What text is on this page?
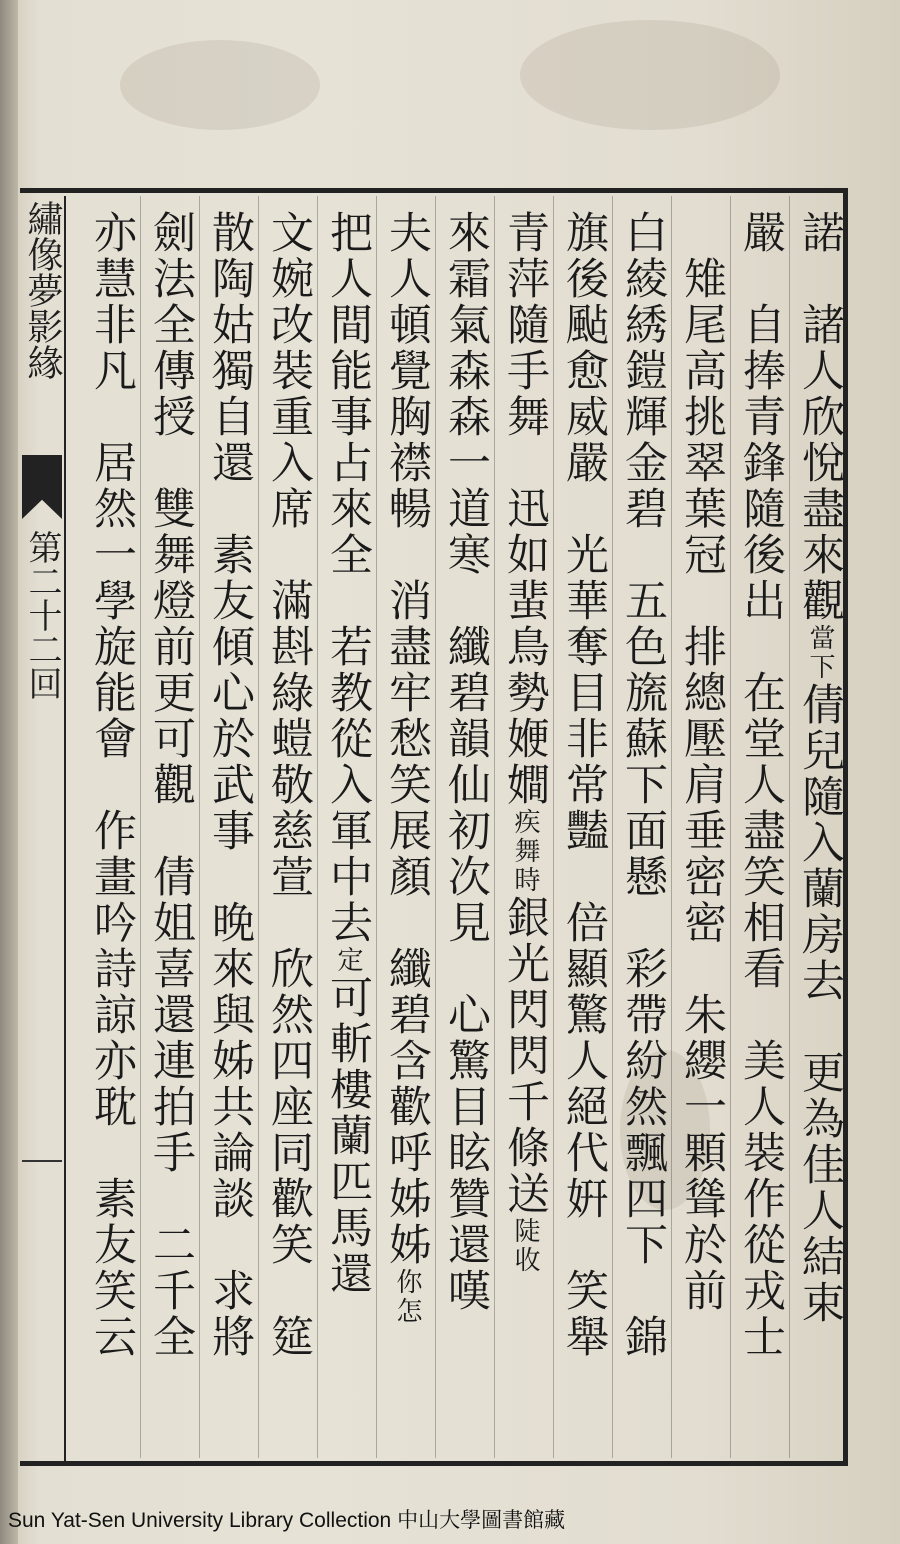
繡像夢影緣
第二十二回	諾　諸人欣悅盡來觀當下倩兒隨入蘭房去　更為佳人結束
嚴　自捧青鋒隨後出　在堂人盡笑相看　美人裝作從戎士
　雉尾高挑翠葉冠　排總壓肩垂密密　朱纓一顆聳於前
白綾綉鎧輝金碧　五色旒蘇下面懸　彩帶紛然飄四下　錦
旗後颭愈威嚴　光華奪目非常豔　倍顯驚人絕代姸　笑舉
青萍隨手舞　迅如蜚鳥勢㛹𡢃疾舞時銀光閃閃千條送陡收
來霜氣森森一道寒　纖碧韻仙初次見　心驚目眩贊還嘆
夫人頓覺胸襟暢　消盡牢愁笑展顏　纖碧含歡呼姊姊你怎
把人間能事占來全　若教從入軍中去定可斬樓蘭匹馬還
文婉改裝重入席　滿斟綠螘敬慈萱　欣然四座同歡笑　筵
散陶姑獨自還　素友傾心於武事　晚來與姊共論談　求將
劍法全傳授　雙舞燈前更可觀　倩姐喜還連拍手　二千全
亦慧非凡　居然一學旋能會　作畫吟詩諒亦耽　素友笑云
Sun Yat-Sen University Library Collection 中山大學圖書館藏
